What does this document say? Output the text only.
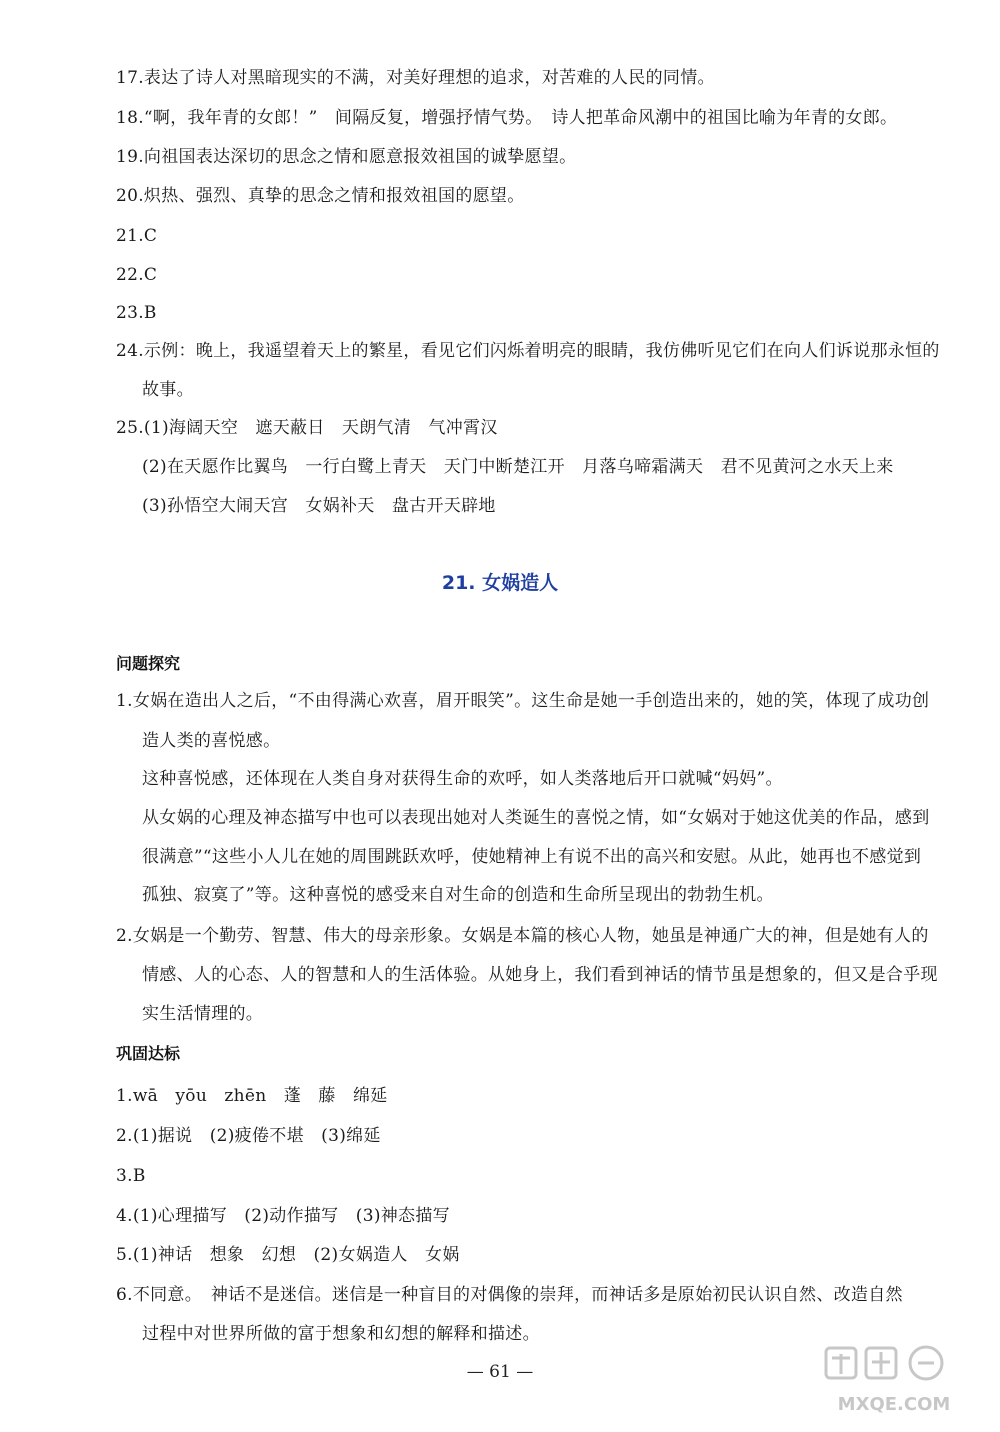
17.表达了诗人对黑暗现实的不满，对美好理想的追求，对苦难的人民的同情。
18.“啊，我年青的女郎！”　间隔反复，增强抒情气势。　诗人把革命风潮中的祖国比喻为年青的女郎。
19.向祖国表达深切的思念之情和愿意报效祖国的诚挚愿望。
20.炽热、强烈、真挚的思念之情和报效祖国的愿望。
21.C
22.C
23.B
24.示例：晚上，我遥望着天上的繁星，看见它们闪烁着明亮的眼睛，我仿佛听见它们在向人们诉说那永恒的
故事。
25.(1)海阔天空　遮天蔽日　天朗气清　气冲霄汉
(2)在天愿作比翼鸟　一行白鹭上青天　天门中断楚江开　月落乌啼霜满天　君不见黄河之水天上来
(3)孙悟空大闹天宫　女娲补天　盘古开天辟地
21. 女娲造人
问题探究
1.女娲在造出人之后，“不由得满心欢喜，眉开眼笑”。这生命是她一手创造出来的，她的笑，体现了成功创
造人类的喜悦感。
这种喜悦感，还体现在人类自身对获得生命的欢呼，如人类落地后开口就喊“妈妈”。
从女娲的心理及神态描写中也可以表现出她对人类诞生的喜悦之情，如“女娲对于她这优美的作品，感到
很满意”“这些小人儿在她的周围跳跃欢呼，使她精神上有说不出的高兴和安慰。从此，她再也不感觉到
孤独、寂寞了”等。这种喜悦的感受来自对生命的创造和生命所呈现出的勃勃生机。
2.女娲是一个勤劳、智慧、伟大的母亲形象。女娲是本篇的核心人物，她虽是神通广大的神，但是她有人的
情感、人的心态、人的智慧和人的生活体验。从她身上，我们看到神话的情节虽是想象的，但又是合乎现
实生活情理的。
巩固达标
1.wā　yōu　zhēn　蓬　藤　绵延
2.(1)据说　(2)疲倦不堪　(3)绵延
3.B
4.(1)心理描写　(2)动作描写　(3)神态描写
5.(1)神话　想象　幻想　(2)女娲造人　女娲
6.不同意。　神话不是迷信。迷信是一种盲目的对偶像的崇拜，而神话多是原始初民认识自然、改造自然
过程中对世界所做的富于想象和幻想的解释和描述。
— 61 —
MXQE.COM
